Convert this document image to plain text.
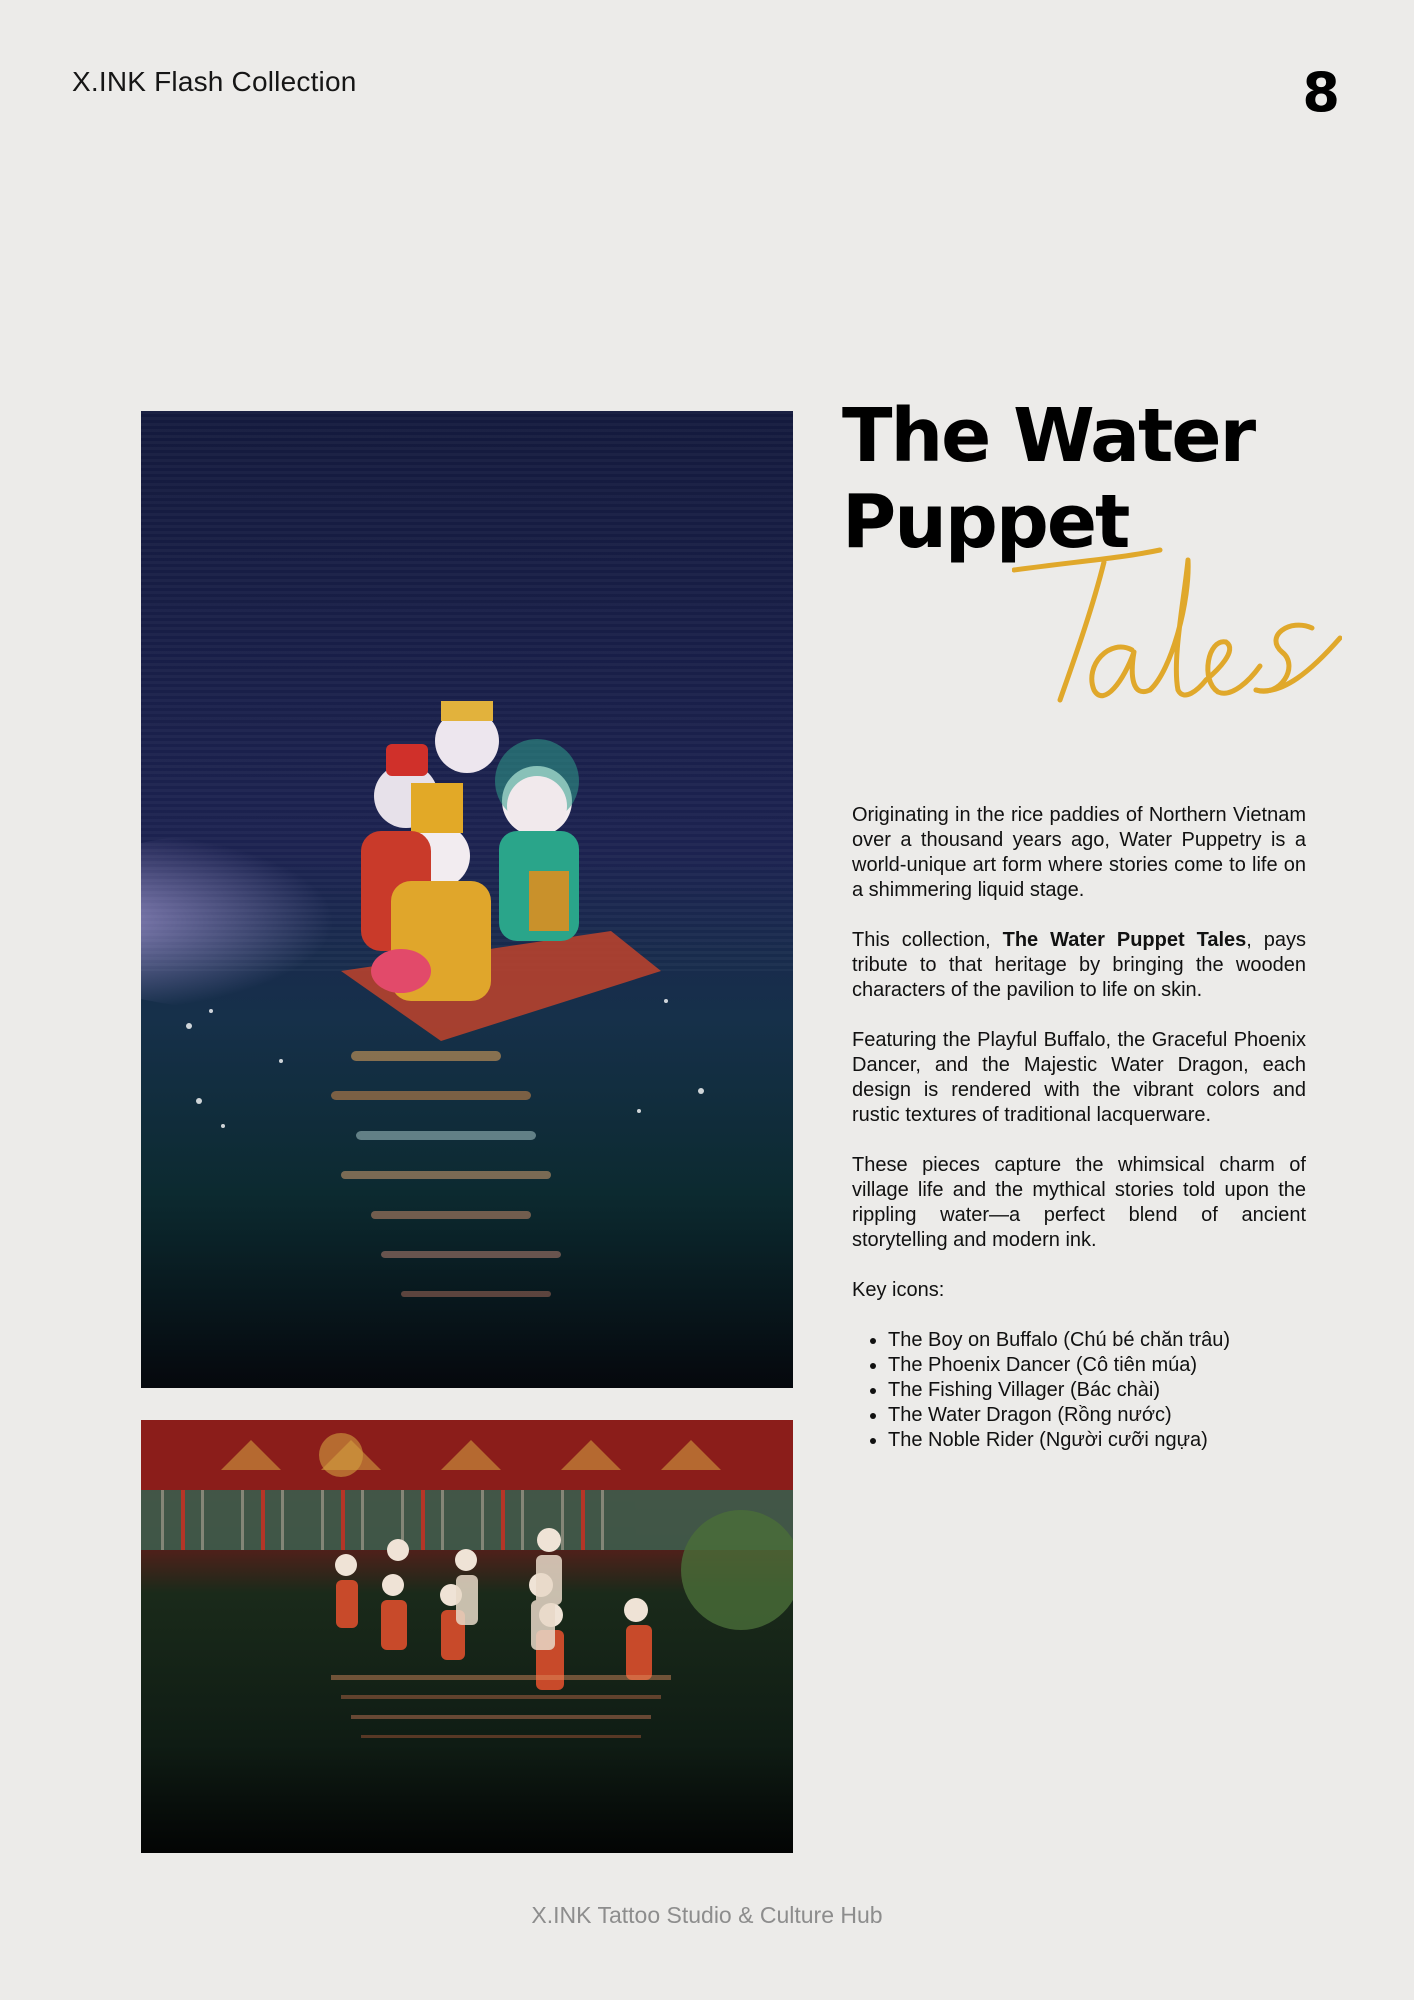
X.INK Flash Collection	8
The Water
Puppet

Originating in the rice paddies of Northern Vietnam over a thousand years ago, Water Puppetry is a world-unique art form where stories come to life on a shimmering liquid stage.

This collection, The Water Puppet Tales, pays tribute to that heritage by bringing the wooden characters of the pavilion to life on skin.

Featuring the Playful Buffalo, the Graceful Phoenix Dancer, and the Majestic Water Dragon, each design is rendered with the vibrant colors and rustic textures of traditional lacquerware.

These pieces capture the whimsical charm of village life and the mythical stories told upon the rippling water—a perfect blend of ancient storytelling and modern ink.

Key icons:

• The Boy on Buffalo (Chú bé chăn trâu)
• The Phoenix Dancer (Cô tiên múa)
• The Fishing Villager (Bác chài)
• The Water Dragon (Rồng nước)
• The Noble Rider (Người cưỡi ngựa)
X.INK Tattoo Studio & Culture Hub
